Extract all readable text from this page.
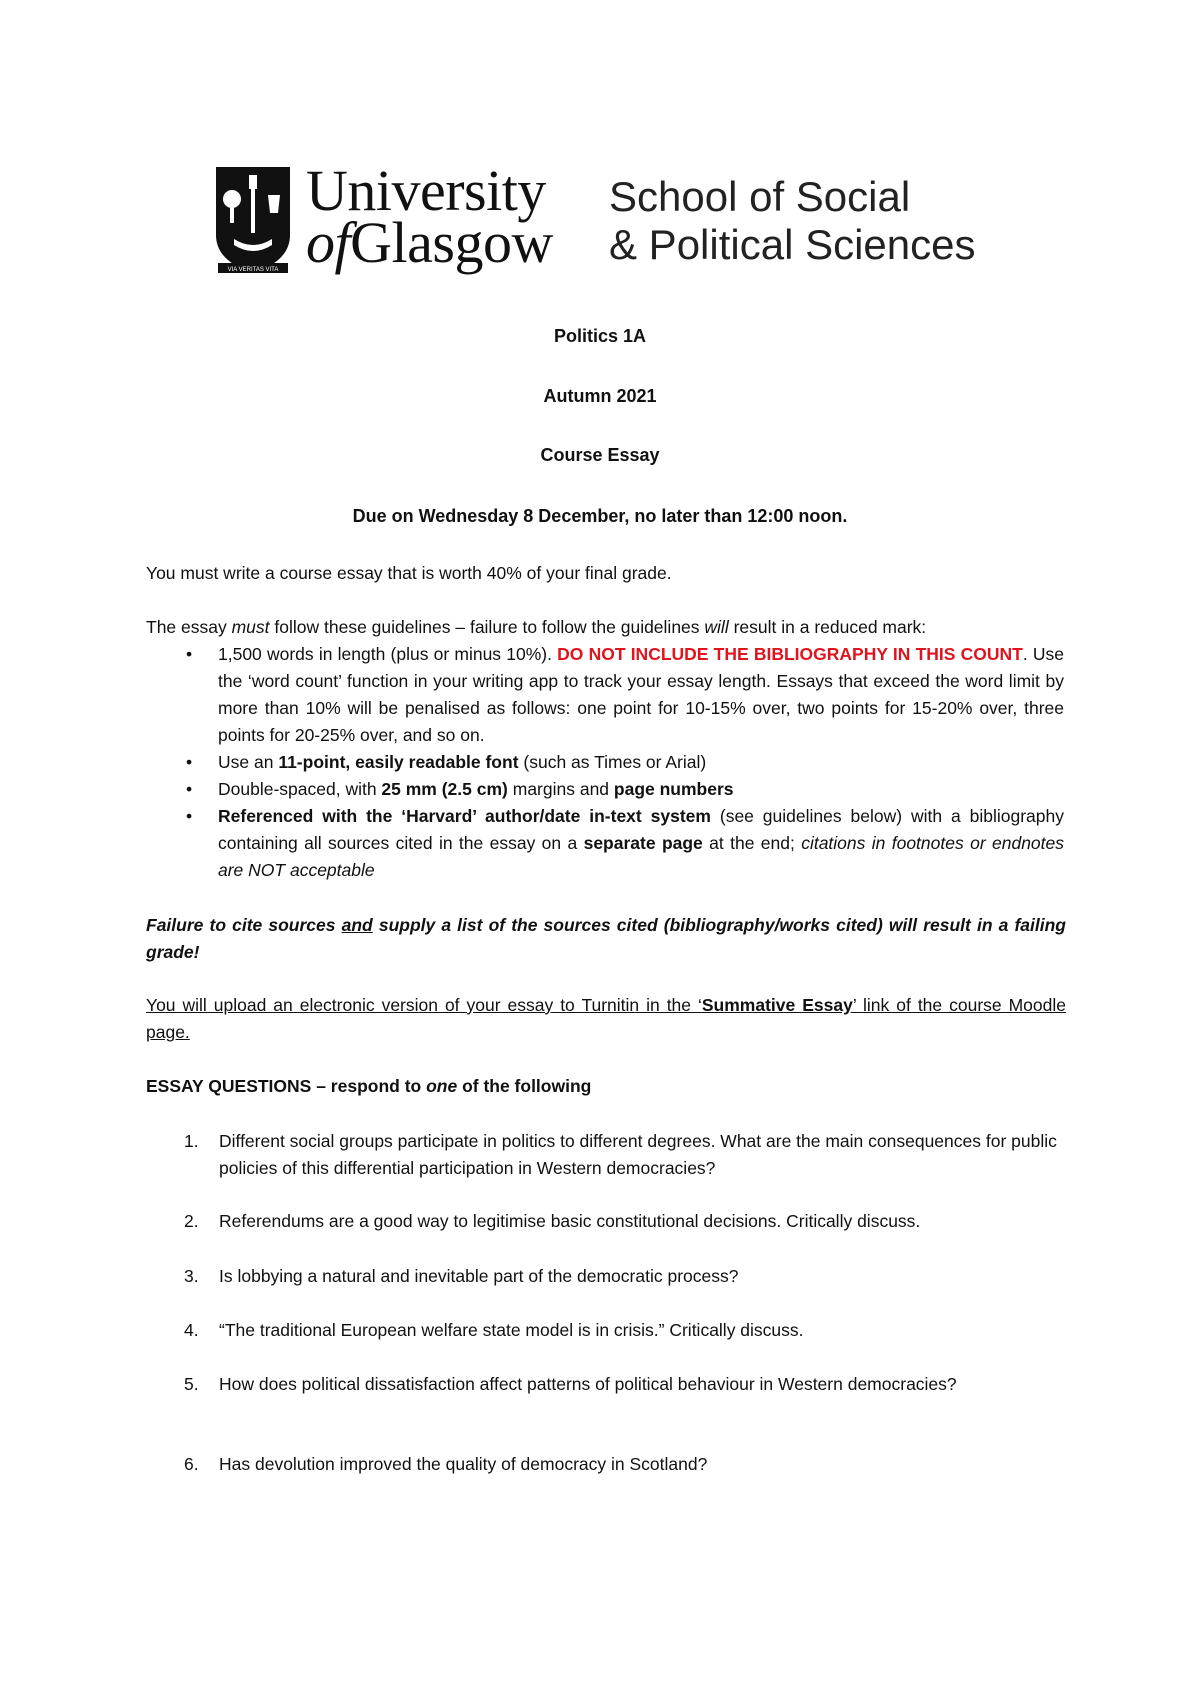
VIA VERITAS VITA
University
ofGlasgow
School of Social
& Political Sciences
Politics 1A
Autumn 2021
Course Essay
Due on Wednesday 8 December, no later than 12:00 noon.
You must write a course essay that is worth 40% of your final grade.
The essay must follow these guidelines – failure to follow the guidelines will result in a reduced mark:
• 1,500 words in length (plus or minus 10%). DO NOT INCLUDE THE BIBLIOGRAPHY IN THIS COUNT. Use the ‘word count’ function in your writing app to track your essay length. Essays that exceed the word limit by more than 10% will be penalised as follows: one point for 10-15% over, two points for 15-20% over, three points for 20-25% over, and so on.
• Use an 11-point, easily readable font (such as Times or Arial)
• Double-spaced, with 25 mm (2.5 cm) margins and page numbers
• Referenced with the ‘Harvard’ author/date in-text system (see guidelines below) with a bibliography containing all sources cited in the essay on a separate page at the end; citations in footnotes or endnotes are NOT acceptable
Failure to cite sources and supply a list of the sources cited (bibliography/works cited) will result in a failing grade!
You will upload an electronic version of your essay to Turnitin in the ‘Summative Essay’ link of the course Moodle page.
ESSAY QUESTIONS – respond to one of the following
1. Different social groups participate in politics to different degrees. What are the main consequences for public policies of this differential participation in Western democracies?
2. Referendums are a good way to legitimise basic constitutional decisions. Critically discuss.
3. Is lobbying a natural and inevitable part of the democratic process?
4. “The traditional European welfare state model is in crisis.” Critically discuss.
5. How does political dissatisfaction affect patterns of political behaviour in Western democracies?
6. Has devolution improved the quality of democracy in Scotland?
